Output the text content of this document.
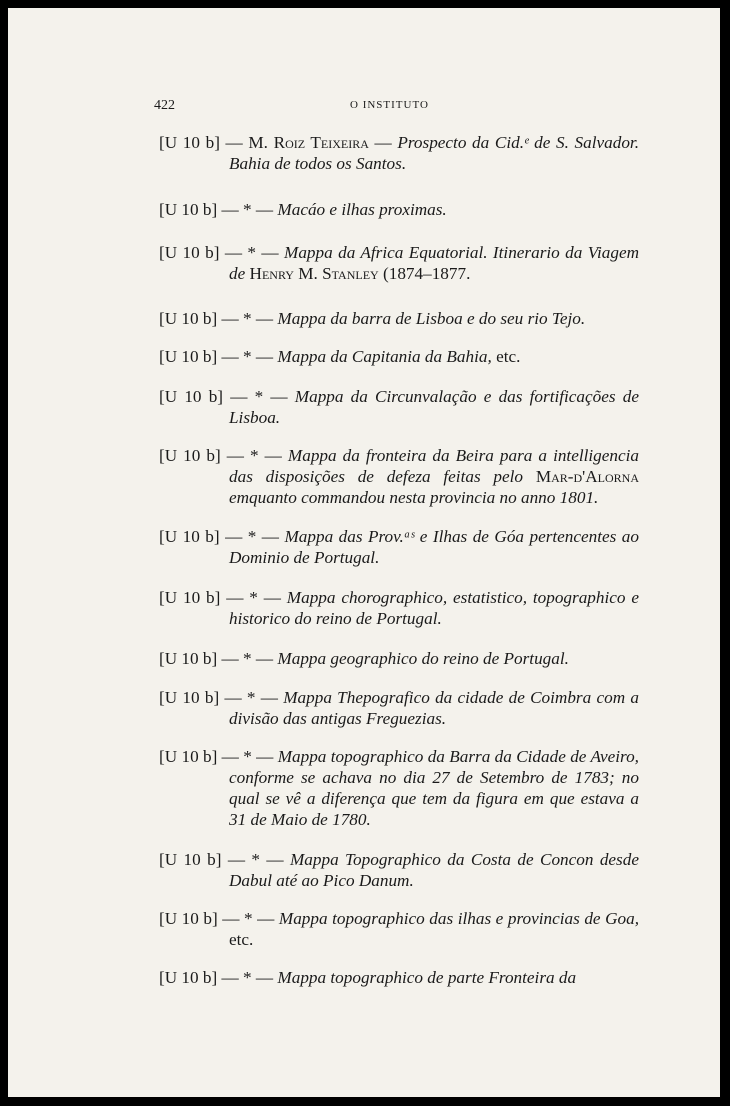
422	O INSTITUTO

[U 10 b] — M. Roiz Teixeira — Prospecto da Cid.ᵉ de S. Salvador. Bahia de todos os Santos.

[U 10 b] — * — Macáo e ilhas proximas.

[U 10 b] — * — Mappa da Africa Equatorial. Itinerario da Viagem de Henry M. Stanley (1874–1877.

[U 10 b] — * — Mappa da barra de Lisboa e do seu rio Tejo.

[U 10 b] — * — Mappa da Capitania da Bahia, etc.

[U 10 b] — * — Mappa da Circunvalação e das fortificações de Lisboa.

[U 10 b] — * — Mappa da fronteira da Beira para a intelligencia das disposições de defeza feitas pelo Mar-d'Alorna emquanto commandou nesta provincia no anno 1801.

[U 10 b] — * — Mappa das Prov.ᵃˢ e Ilhas de Góa pertencentes ao Dominio de Portugal.

[U 10 b] — * — Mappa chorographico, estatistico, topographico e historico do reino de Portugal.

[U 10 b] — * — Mappa geographico do reino de Portugal.

[U 10 b] — * — Mappa Thepografico da cidade de Coimbra com a divisão das antigas Freguezias.

[U 10 b] — * — Mappa topographico da Barra da Cidade de Aveiro, conforme se achava no dia 27 de Setembro de 1783; no qual se vê a diferença que tem da figura em que estava a 31 de Maio de 1780.

[U 10 b] — * — Mappa Topographico da Costa de Concon desde Dabul até ao Pico Danum.

[U 10 b] — * — Mappa topographico das ilhas e provincias de Goa, etc.

[U 10 b] — * — Mappa topographico de parte Fronteira da
